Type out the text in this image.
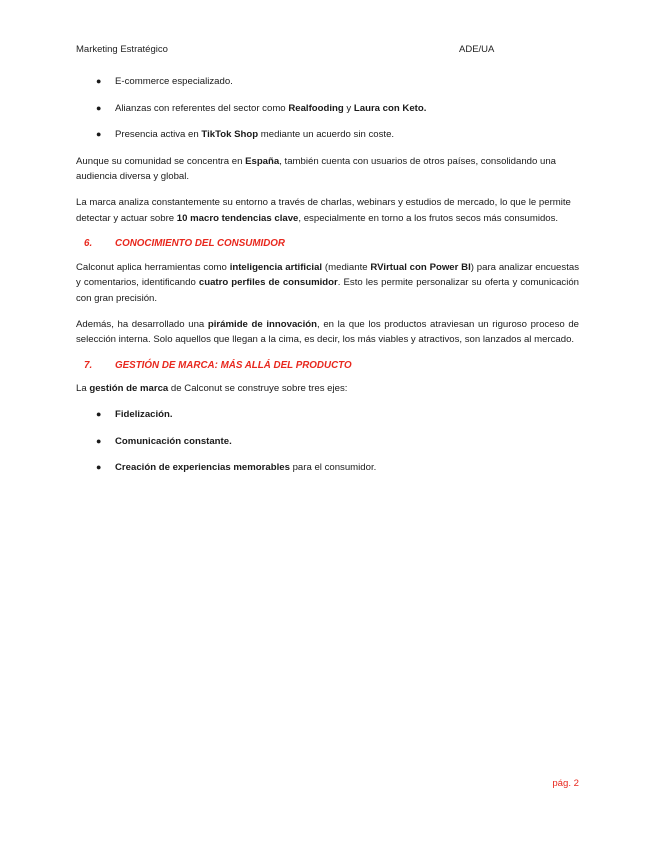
Marketing Estratégico	ADE/UA
● E-commerce especializado.
● Alianzas con referentes del sector como Realfooding y Laura con Keto.
● Presencia activa en TikTok Shop mediante un acuerdo sin coste.

Aunque su comunidad se concentra en España, también cuenta con usuarios de otros países, consolidando una audiencia diversa y global.

La marca analiza constantemente su entorno a través de charlas, webinars y estudios de mercado, lo que le permite detectar y actuar sobre 10 macro tendencias clave, especialmente en torno a los frutos secos más consumidos.

6. CONOCIMIENTO DEL CONSUMIDOR

Calconut aplica herramientas como inteligencia artificial (mediante RVirtual con Power BI) para analizar encuestas y comentarios, identificando cuatro perfiles de consumidor. Esto les permite personalizar su oferta y comunicación con gran precisión.

Además, ha desarrollado una pirámide de innovación, en la que los productos atraviesan un riguroso proceso de selección interna. Solo aquellos que llegan a la cima, es decir, los más viables y atractivos, son lanzados al mercado.

7. GESTIÓN DE MARCA: MÁS ALLÁ DEL PRODUCTO

La gestión de marca de Calconut se construye sobre tres ejes:

● Fidelización.
● Comunicación constante.
● Creación de experiencias memorables para el consumidor.
pág. 2
